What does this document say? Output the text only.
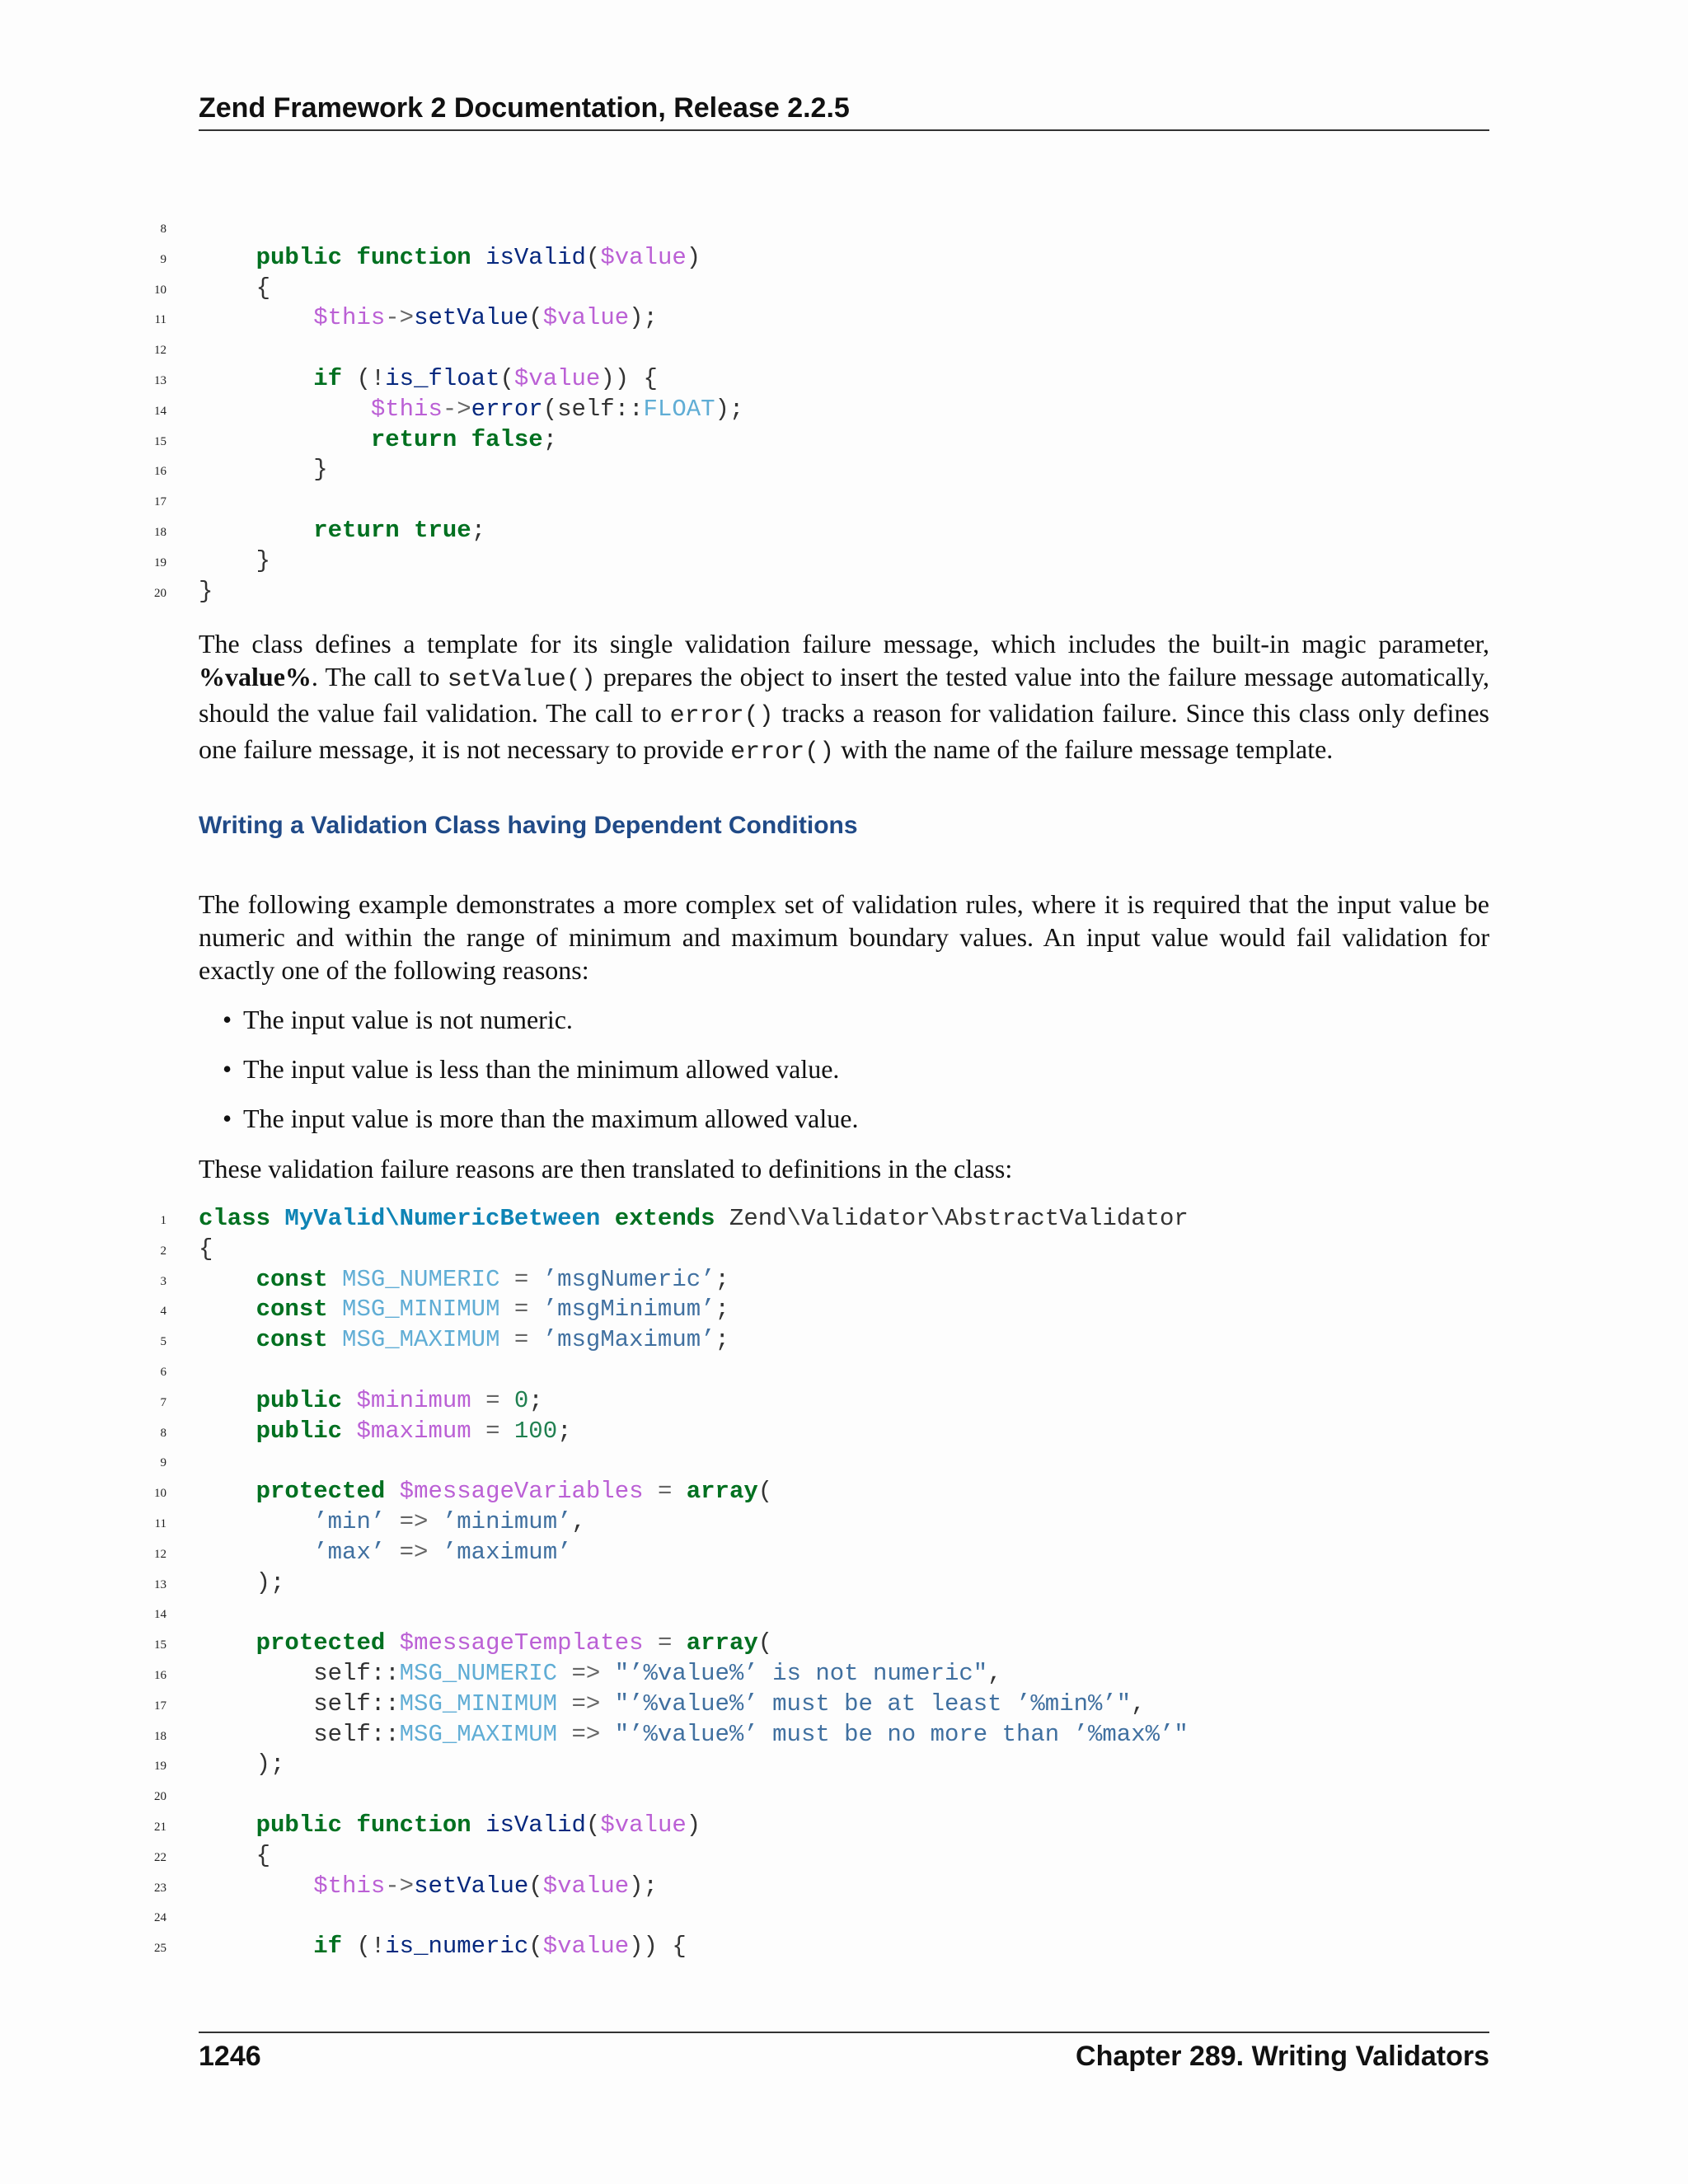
Zend Framework 2 Documentation, Release 2.2.5
8
9	public function isValid($value)
10 {
11	$this->setValue($value);
12
13	if (!is_float($value)) {
14	$this->error(self::FLOAT);
15	return false;
16 }
17
18	return true;
19 }
20 }
The class defines a template for its single validation failure message, which includes the built-in magic parameter, %value%. The call to setValue() prepares the object to insert the tested value into the failure message automatically, should the value fail validation. The call to error() tracks a reason for validation failure. Since this class only defines one failure message, it is not necessary to provide error() with the name of the failure message template.
Writing a Validation Class having Dependent Conditions
The following example demonstrates a more complex set of validation rules, where it is required that the input value be numeric and within the range of minimum and maximum boundary values. An input value would fail validation for exactly one of the following reasons:
• The input value is not numeric.
• The input value is less than the minimum allowed value.
• The input value is more than the maximum allowed value.
These validation failure reasons are then translated to definitions in the class:
1 class MyValid\NumericBetween extends Zend\Validator\AbstractValidator
2 {
3	const MSG_NUMERIC = ’msgNumeric’;
4	const MSG_MINIMUM = ’msgMinimum’;
5	const MSG_MAXIMUM = ’msgMaximum’;
6
7	public $minimum = 0;
8	public $maximum = 100;
9
10	protected $messageVariables = array(
11	’min’ => ’minimum’,
12	’max’ => ’maximum’
13 );
14
15	protected $messageTemplates = array(
16 self::MSG_NUMERIC => "’%value%’ is not numeric",
17 self::MSG_MINIMUM => "’%value%’ must be at least ’%min%’",
18 self::MSG_MAXIMUM => "’%value%’ must be no more than ’%max%’"
19 );
20
21	public function isValid($value)
22 {
23	$this->setValue($value);
24
25	if (!is_numeric($value)) {
1246	Chapter 289. Writing Validators
